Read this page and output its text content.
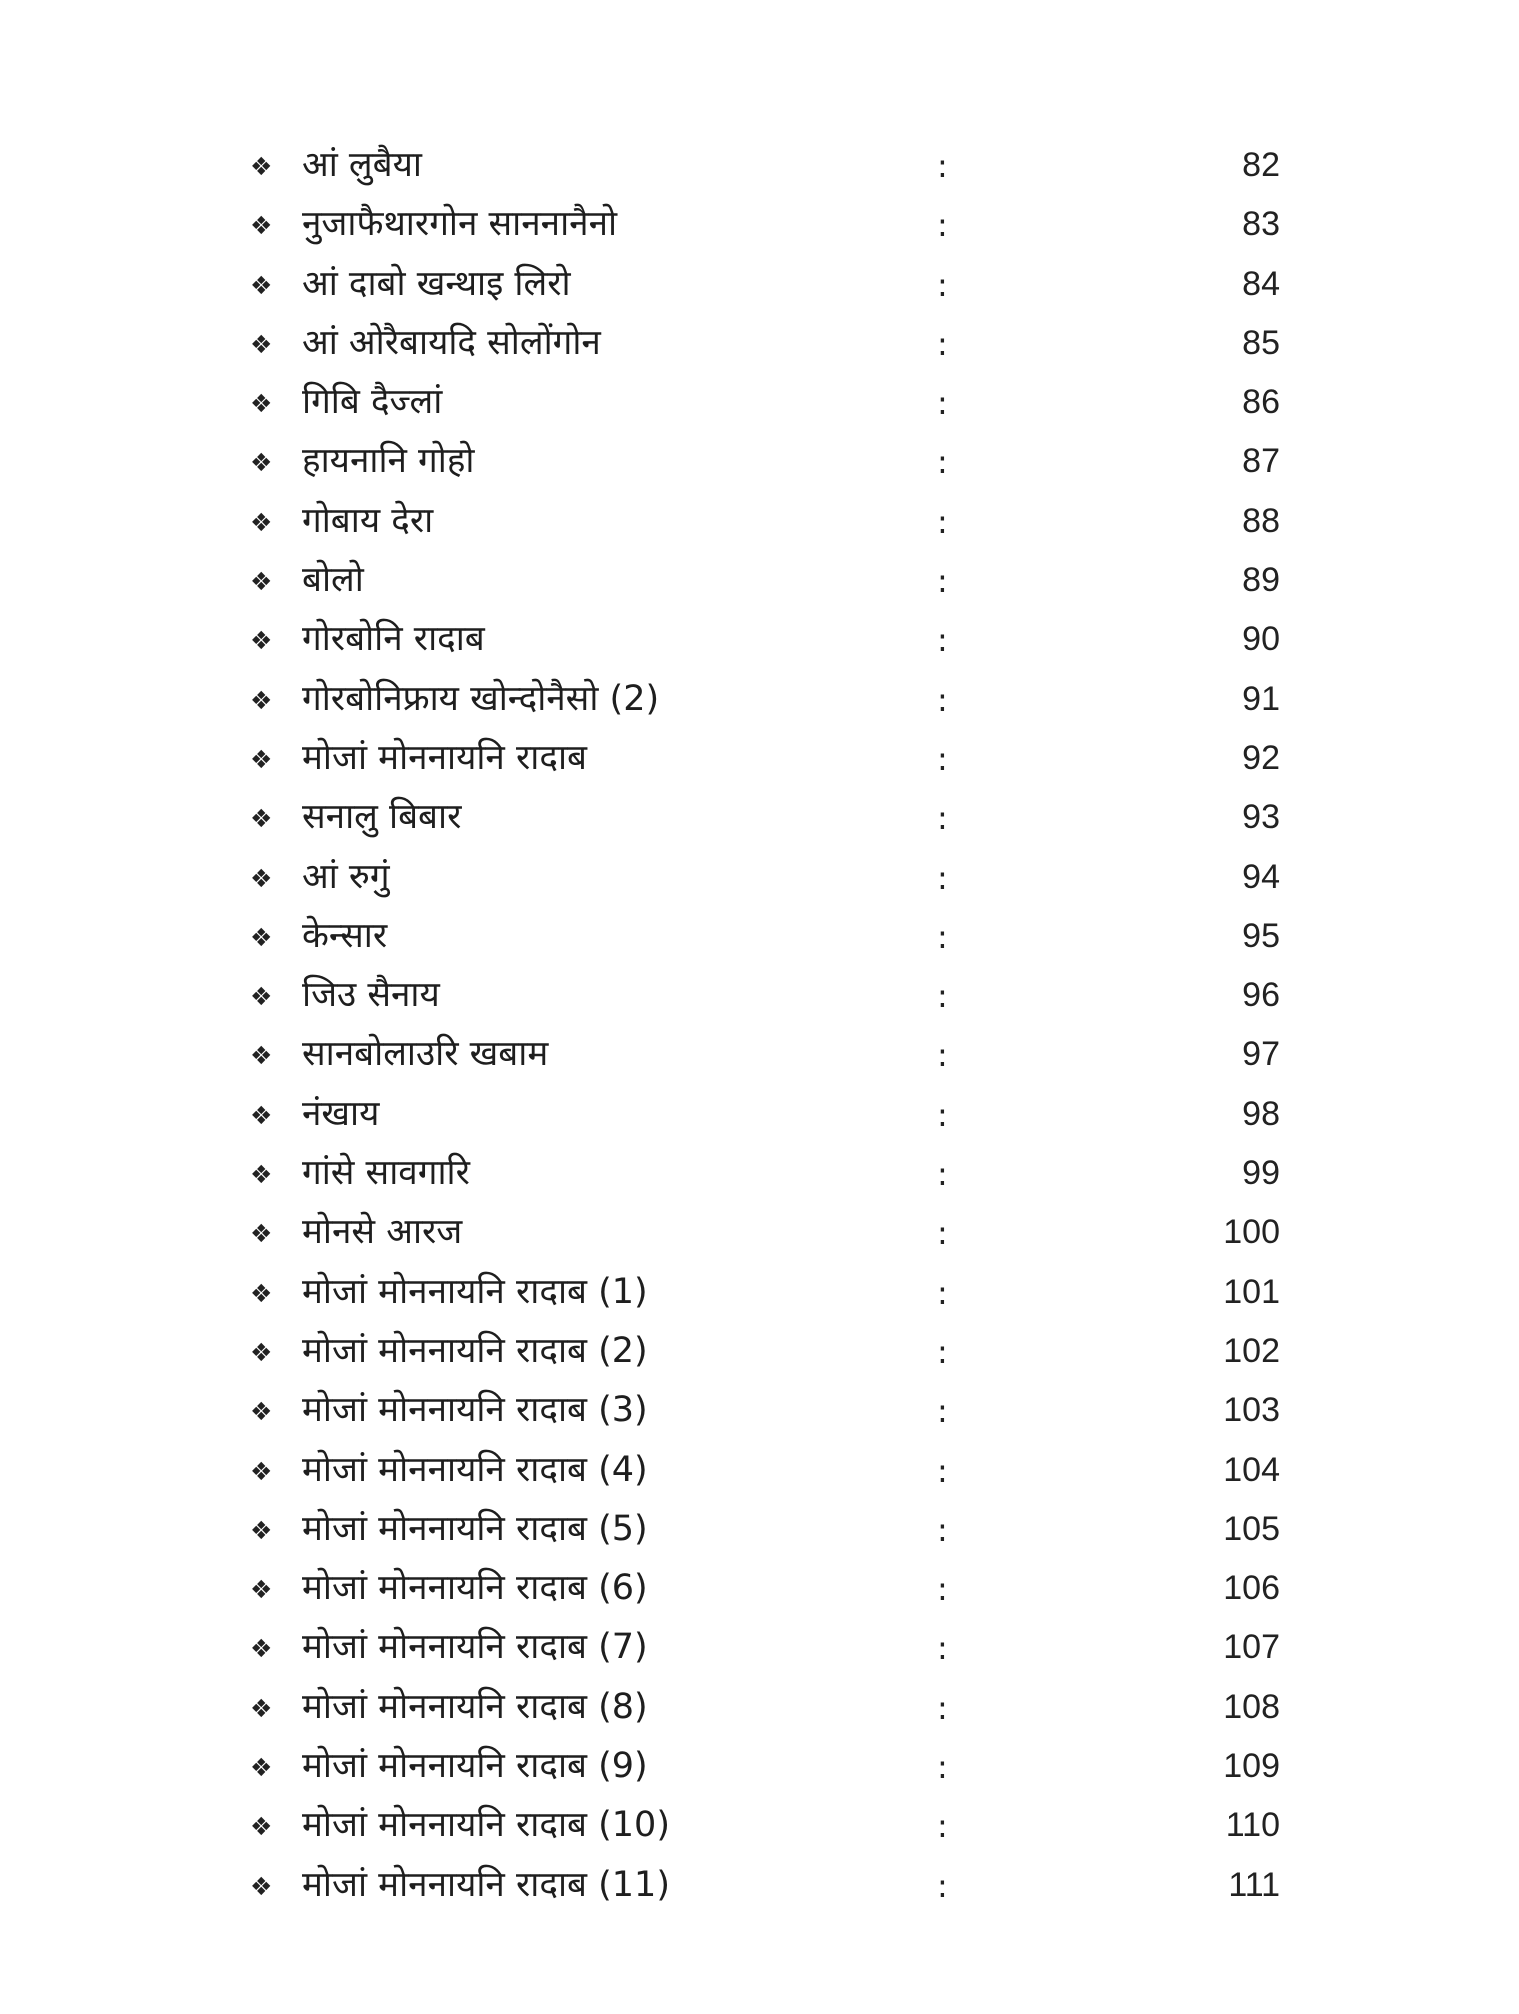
❖ आं लुबैया	:	82
❖ नुजाफैथारगोन साननानैनो	:	83
❖ आं दाबो खन्थाइ लिरो	:	84
❖ आं ओरैबायदि सोलोंगोन	:	85
❖ गिबि दैज्लां	:	86
❖ हायनानि गोहो	:	87
❖ गोबाय देरा	:	88
❖ बोलो	:	89
❖ गोरबोनि रादाब	:	90
❖ गोरबोनिफ्राय खोन्दोनैसो (2)	:	91
❖ मोजां मोननायनि रादाब	:	92
❖ सनालु बिबार	:	93
❖ आं रुगुं	:	94
❖ केन्सार	:	95
❖ जिउ सैनाय	:	96
❖ सानबोलाउरि खबाम	:	97
❖ नंखाय	:	98
❖ गांसे सावगारि	:	99
❖ मोनसे आरज	:	100
❖ मोजां मोननायनि रादाब (1)	:	101
❖ मोजां मोननायनि रादाब (2)	:	102
❖ मोजां मोननायनि रादाब (3)	:	103
❖ मोजां मोननायनि रादाब (4)	:	104
❖ मोजां मोननायनि रादाब (5)	:	105
❖ मोजां मोननायनि रादाब (6)	:	106
❖ मोजां मोननायनि रादाब (7)	:	107
❖ मोजां मोननायनि रादाब (8)	:	108
❖ मोजां मोननायनि रादाब (9)	:	109
❖ मोजां मोननायनि रादाब (10)	:	110
❖ मोजां मोननायनि रादाब (11)	:	111
